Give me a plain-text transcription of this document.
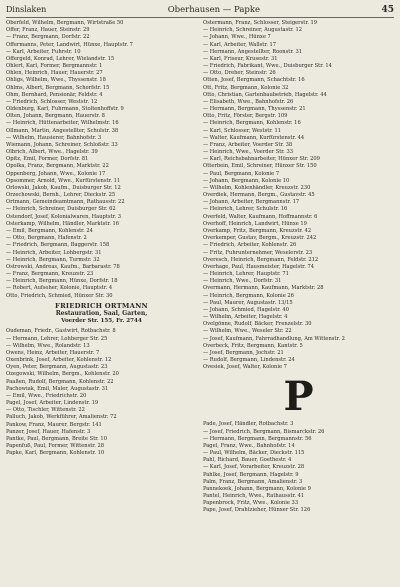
Dinslaken	Oberhausen — Papke	45
Oberfeld, Wilhelm, Bergmann, Wirtstraße 50
Offer, Franz, Hauer, Steinstr. 29
— Franz, Bergmann, Dorfstr. 22
Offermanns, Peter, Landwirt, Hünxe, Hauptstr. 7
— Karl, Arbeiter, Fuhrstr. 10
Offergeld, Konrad, Lehrer, Wielandstr. 15
Ohlert, Karl, Former, Bergmannstr. 1
Ohlen, Heinrich, Hauer, Hauerstr. 27
Ohligs, Wilhelm, Wwe., Thyssenstr. 18
Ohlms, Albert, Bergmann, Schorfstr. 15
Ohm, Bernhard, Pensionär, Feldstr. 4
— Friedrich, Schlosser, Weststr. 12
Oldenburg, Karl, Fuhrmann, Stoltenhoffstr. 9
Olten, Johann, Bergmann, Hauerstr. 8
— Heinrich, Hüttenarbeiter, Wilhelmstr. 16
Ollmann, Martin, Angestellter, Schulstr. 38
— Wilhelm, Hausierer, Bahnhofstr. 3
Wiemann, Johann, Schreiner, Schloßstr. 33
Olbrich, Albert, Wwe., Hagelstr. 39
Opitz, Emil, Former, Dorfstr. 81
Opolka, Franz, Bergmann, Marktstr. 22
Oppenberg, Johann, Wwe., Kolonie 17
Opsommer, Arnold, Wwe., Kurfürstenstr. 11
Orlowski, Jakob, Kaufm., Duisburger Str. 12
Orzechowski, Bernh., Lehrer, Dieckstr. 25
Ortmann, Gemeindeamtmann, Rathausstr. 22
— Heinrich, Schreiner, Duisburger Str. 62
Ostendorf, Josef, Kolonialwaren, Hauptstr. 3
Osterkamp, Wilhelm, Händler, Marktstr. 16
— Emil, Bergmann, Kohlenstr. 24
— Otto, Bergmann, Hafenstr. 2
— Friedrich, Bergmann, Baggerstr. 158
— Heinrich, Arbeiter, Lohbergstr. 31
— Heinrich, Bergmann, Turmstr. 32
Ostrowski, Andreas, Kaufm., Barbarastr. 78
— Franz, Bergmann, Kreuzstr. 23
— Heinrich, Bergmann, Hünxe, Dorfstr. 18
— Robert, Aufseher, Kolonie, Hauptstr. 4
Otto, Friedrich, Schmied, Hünxer Str. 30
FRIEDRICH ORTMANN
Restauration, Saal, Garten,
Voerder Str. 155, Fr. 2744
Oudeman, Friedr., Gastwirt, Rotbachstr. 8
— Hermann, Lehrer, Lohberger Str. 25
— Wilhelm, Wwe., Rolandstr. 13
Owens, Heinz, Arbeiter, Hauerstr. 7
Oxenbrink, Josef, Arbeiter, Kohlenstr. 12
Oyen, Peter, Bergmann, Augustastr. 23
Ozegowski, Wilhelm, Bergm., Kohlenstr. 20
Paaßen, Rudolf, Bergmann, Kohlenstr. 22
Pachowiak, Emil, Maler, Augustastr. 31
— Emil, Wwe., Friedrichstr. 20
Pagel, Josef, Arbeiter, Lindenstr. 19
— Otto, Tischler, Wittenstr. 22
Palluch, Jakob, Werkführer, Amalienstr. 72
Pankow, Franz, Maurer, Bergstr. 141
Panzer, Josef, Hauer, Hafenstr. 3
Pantke, Paul, Bergmann, Breite Str. 10
Papenfuß, Paul, Former, Wittenstr. 28
Papke, Karl, Bergmann, Kohlenstr. 10
Ostermann, Franz, Schlosser, Steigerstr. 19
— Heinrich, Schreiner, Augustastr. 12
— Johann, Wwe., Hünxe 7
— Karl, Arbeiter, Wallstr. 17
— Hermann, Angestellter, Roonstr. 31
— Karl, Friseur, Krusestr. 31
— Friedrich, Fabrikant, Wwe., Duisburger Str. 14
— Otto, Dreher, Steinstr. 26
Otten, Josef, Bergmann, Schachtstr. 16
Ott, Fritz, Bergmann, Kolonie 32
Otto, Christian, Gartenbaubetrieb, Hagelstr. 44
— Elisabeth, Wwe., Bahnhofstr. 26
— Hermann, Bergmann, Thyssenstr. 21
Otto, Fritz, Förster, Bergstr. 109
— Heinrich, Bergmann, Kohlenstr. 16
— Karl, Schlosser, Weststr. 11
— Walter, Kaufmann, Kurfürstenstr. 44
— Franz, Arbeiter, Voerder Str. 38
— Heinrich, Wwe., Voerder Str. 33
— Karl, Reichsbahnarbeiter, Hünxer Str. 209
Otterbein, Emil, Schreiner, Hünxer Str. 150
— Paul, Bergmann, Kolonie 7
— Johann, Bergmann, Kolonie 10
— Wilhelm, Kohlenhändler, Kreuzstr. 230
Overdiek, Hermann, Bergm., Gustavstr. 45
— Johann, Arbeiter, Bergmannstr. 17
— Heinrich, Lehrer, Schulstr. 16
Overfeld, Walter, Kaufmann, Hoffmannstr. 6
Overhoff, Heinrich, Landwirt, Hünxe 19
Overkamp, Fritz, Bergmann, Kreuzstr. 42
Overkemper, Gustav, Bergm., Kreuzstr. 242
— Friedrich, Arbeiter, Kohlenstr. 26
— Fritz, Fuhrunternehmer, Weselerstr. 23
Overesch, Heinrich, Bergmann, Feldstr. 212
Overhage, Paul, Hausmeister, Hagelstr. 74
— Heinrich, Lehrer, Hauptstr. 71
— Heinrich, Wwe., Dorfstr. 31
Overmann, Hermann, Kaufmann, Marktstr. 28
— Heinrich, Bergmann, Kolonie 26
— Paul, Maurer, Augustastr. 13/15
— Johann, Schmied, Hagelstr. 40
— Wilhelm, Arbeiter, Hagelstr. 4
Ovelgönne, Rudolf, Bäcker, Frenzelstr. 30
— Wilhelm, Wwe., Weseler Str. 22
— Josef, Kaufmann, Fahrradhandlung, Am Wittenstr. 2
Overbeck, Fritz, Bergmann, Kantstr. 5
— Josef, Bergmann, Jochstr. 21
— Rudolf, Bergmann, Lindenstr. 24
Ovesiek, Josef, Walter, Kolonie 7
P
Pade, Josef, Händler, Rotbachstr. 3
— Josef, Friedrich, Bergmann, Bismarckstr. 26
— Hermann, Bergmann, Bergmannstr. 56
Pagel, Franz, Wwe., Bahnhofstr. 14
— Paul, Wilhelm, Bäcker, Dieckstr. 115
Pahl, Richard, Bauer, Goethestr. 4
— Karl, Josef, Vorarbeiter, Kreuzstr. 28
Pahlke, Josef, Bergmann, Hagelstr. 9
Palm, Franz, Bergmann, Amalienstr. 3
Pannekoek, Johann, Bergmann, Kolonie 9
Pantel, Heinrich, Wwe., Rathausstr. 41
Papenbrock, Fritz, Wwe., Kolonie 33
Pape, Josef, Drahtzieher, Hünxer Str. 126
